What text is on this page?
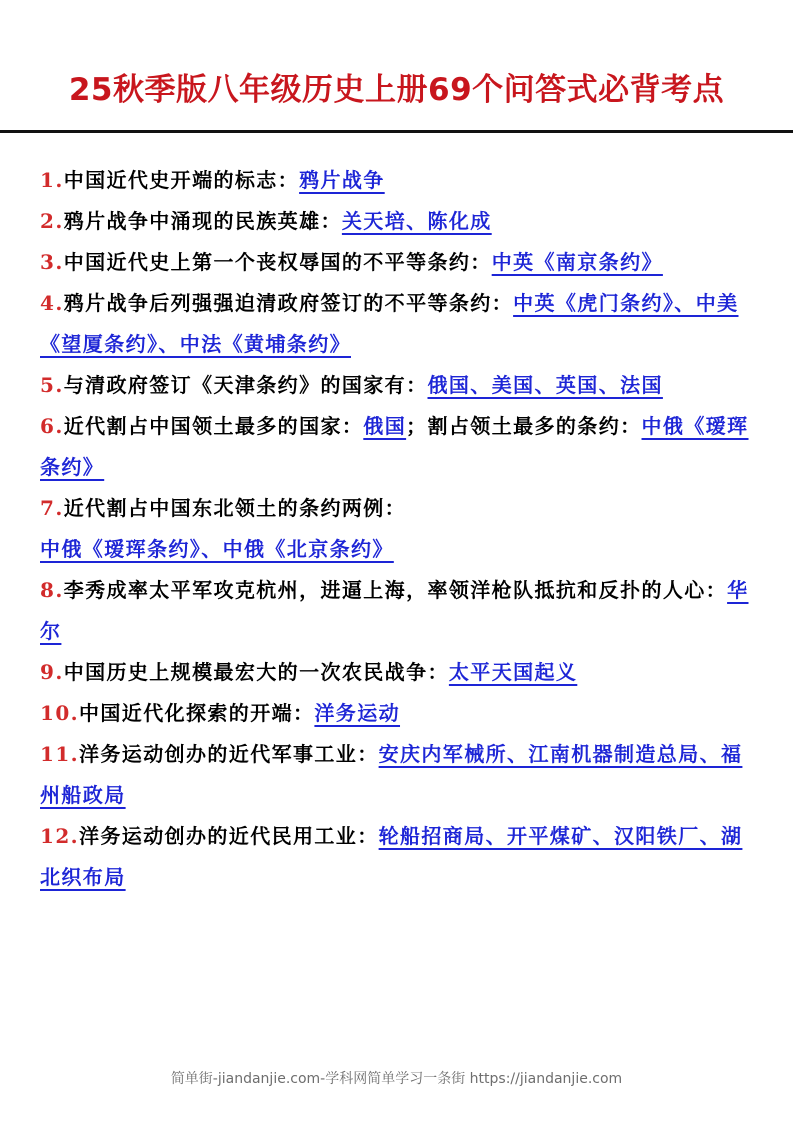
25秋季版八年级历史上册69个问答式必背考点
1.中国近代史开端的标志：鸦片战争
2.鸦片战争中涌现的民族英雄：关天培、陈化成
3.中国近代史上第一个丧权辱国的不平等条约：中英《南京条约》
4.鸦片战争后列强强迫清政府签订的不平等条约：中英《虎门条约》、中美《望厦条约》、中法《黄埔条约》
5.与清政府签订《天津条约》的国家有：俄国、美国、英国、法国
6.近代割占中国领土最多的国家：俄国；割占领土最多的条约：中俄《瑷珲条约》
7.近代割占中国东北领土的条约两例：中俄《瑷珲条约》、中俄《北京条约》
8.李秀成率太平军攻克杭州，进逼上海，率领洋枪队抵抗和反扑的人心：华尔
9.中国历史上规模最宏大的一次农民战争：太平天国起义
10.中国近代化探索的开端：洋务运动
11.洋务运动创办的近代军事工业：安庆内军械所、江南机器制造总局、福州船政局
12.洋务运动创办的近代民用工业：轮船招商局、开平煤矿、汉阳铁厂、湖北织布局
简单街-jiandanjie.com-学科网简单学习一条街 https://jiandanjie.com
